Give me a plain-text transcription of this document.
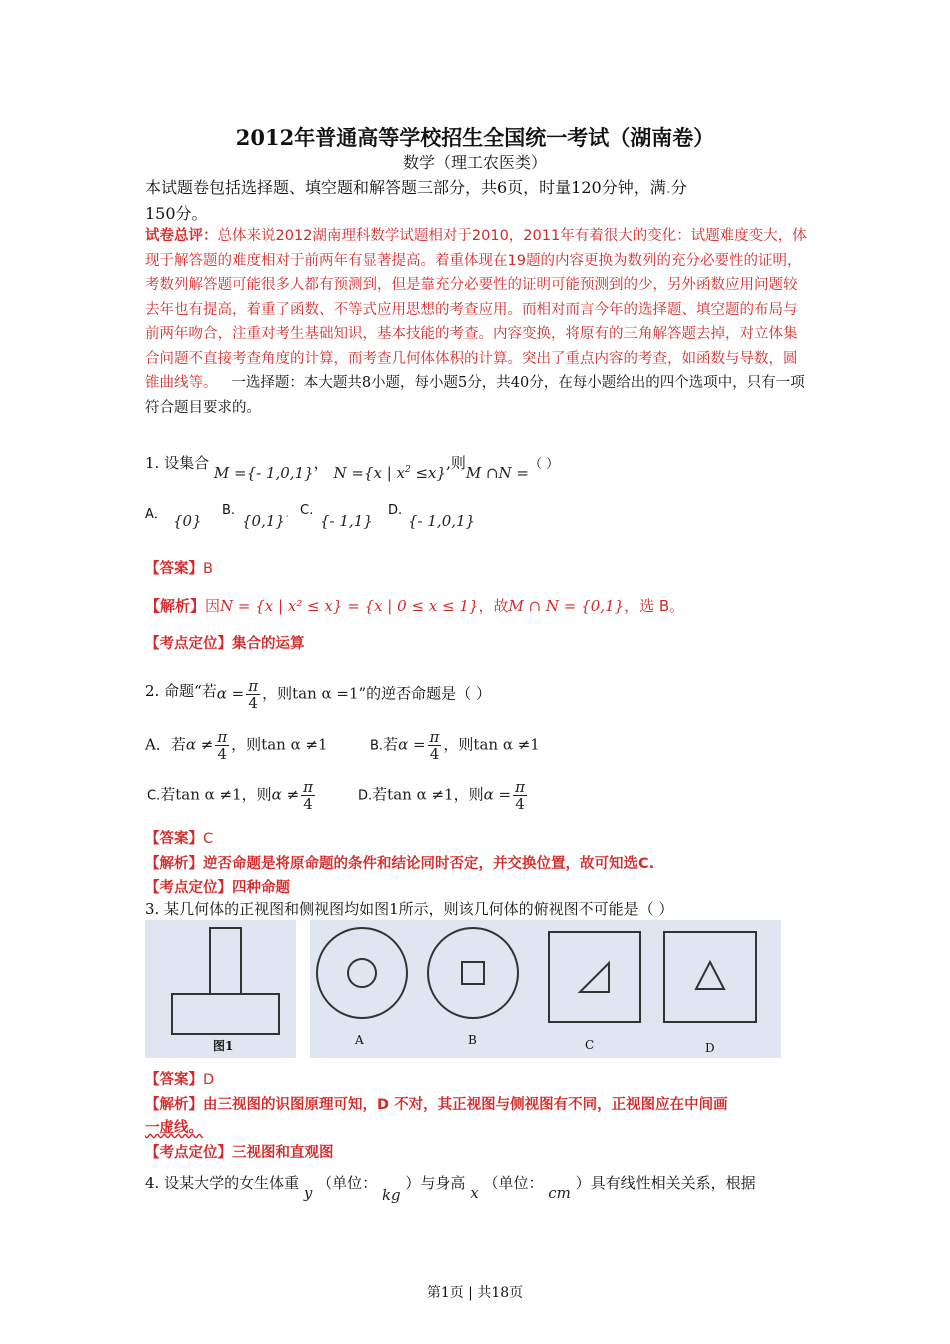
2012年普通高等学校招生全国统一考试（湖南卷）
数学（理工农医类）
本试题卷包括选择题、填空题和解答题三部分，共6页，时量120分钟，满.分
150分。
试卷总评：总体来说2012湖南理科数学试题相对于2010，2011年有着很大的变化：试题难度变大，体现于解答题的难度相对于前两年有显著提高。着重体现在19题的内容更换为数列的充分必要性的证明，考数列解答题可能很多人都有预测到，但是靠充分必要性的证明可能预测到的少，另外函数应用问题较去年也有提高，着重了函数、不等式应用思想的考查应用。而相对而言今年的选择题、填空题的布局与前两年吻合，注重对考生基础知识，基本技能的考查。内容变换，将原有的三角解答题去掉，对立体集合问题不直接考查角度的计算，而考查几何体体积的计算。突出了重点内容的考查，如函数与导数，圆锥曲线等。 一选择题：本大题共8小题，每小题5分，共40分，在每小题给出的四个选项中，只有一项符合题目要求的。
1. 设集合 M ={- 1,0,1}， N ={x | $x^2 \le x$},则M ∩N =（ ）
A． {0}
B.
{0,1} . C.
{- 1,1}
D.
{- 1,0,1}
【答案】B
【解析】因N = {x | x² ≤ x} = {x | 0 ≤ x ≤ 1}，故M ∩ N = {0,1}，选 B。
【考点定位】集合的运算
2. 命题“若$\alpha = \frac{\pi}{4}$ ，则tan α =1”的逆否命题是（ ）
A．若$\alpha \ne \frac{\pi}{4}$ ，则tan α ≠1	B.若$\alpha = \frac{\pi}{4}$ ，则tan α ≠1
C.若tan α ≠1，则$\alpha \ne \frac{\pi}{4}$	D.若tan α ≠1，则$\alpha = \frac{\pi}{4}$
【答案】C
【解析】逆否命题是将原命题的条件和结论同时否定，并交换位置，故可知选C.
【考点定位】四种命题
3. 某几何体的正视图和侧视图均如图1所示，则该几何体的俯视图不可能是（ ）
图1	A	B	C	D
【答案】D
【解析】由三视图的识图原理可知，D 不对，其正视图与侧视图有不同，正视图应在中间画
一虚线。
【考点定位】三视图和直观图
4. 设某大学的女生体重 y （单位： kg ）与身高 x （单位： cm ）具有线性相关关系，根据
第1页 | 共18页
